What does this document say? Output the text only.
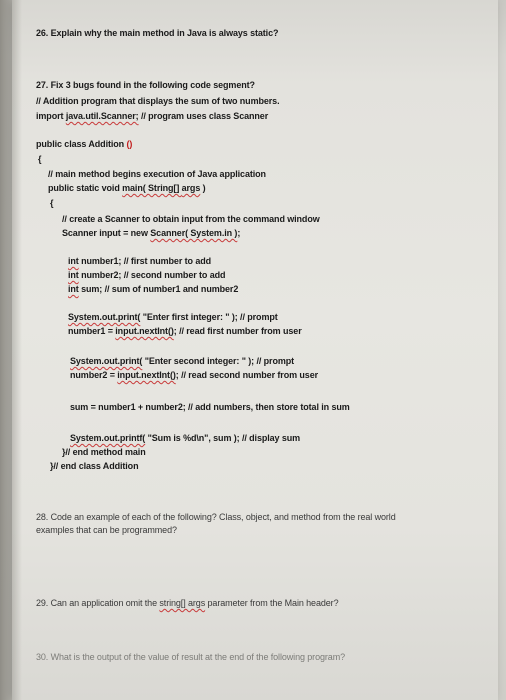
26. Explain why the main method in Java is always static?
27. Fix 3 bugs found in the following code segment?
// Addition program that displays the sum of two numbers.
import java.util.Scanner; // program uses class Scanner
public class Addition ()
{
// main method begins execution of Java application
public static void main( String[] args )
{
// create a Scanner to obtain input from the command window
Scanner input = new Scanner( System.in );
int number1; // first number to add
int number2; // second number to add
int sum; // sum of number1 and number2
System.out.print( "Enter first integer: " ); // prompt
number1 = input.nextInt(); // read first number from user
System.out.print( "Enter second integer: " ); // prompt
number2 = input.nextInt(); // read second number from user
sum = number1 + number2; // add numbers, then store total in sum
System.out.printf( "Sum is %d\n", sum ); // display sum
}// end method main
}// end class Addition
28. Code an example of each of the following? Class, object, and method from the real world
examples that can be programmed?
29. Can an application omit the string[] args parameter from the Main header?
30. What is the output of the value of result at the end of the following program?
